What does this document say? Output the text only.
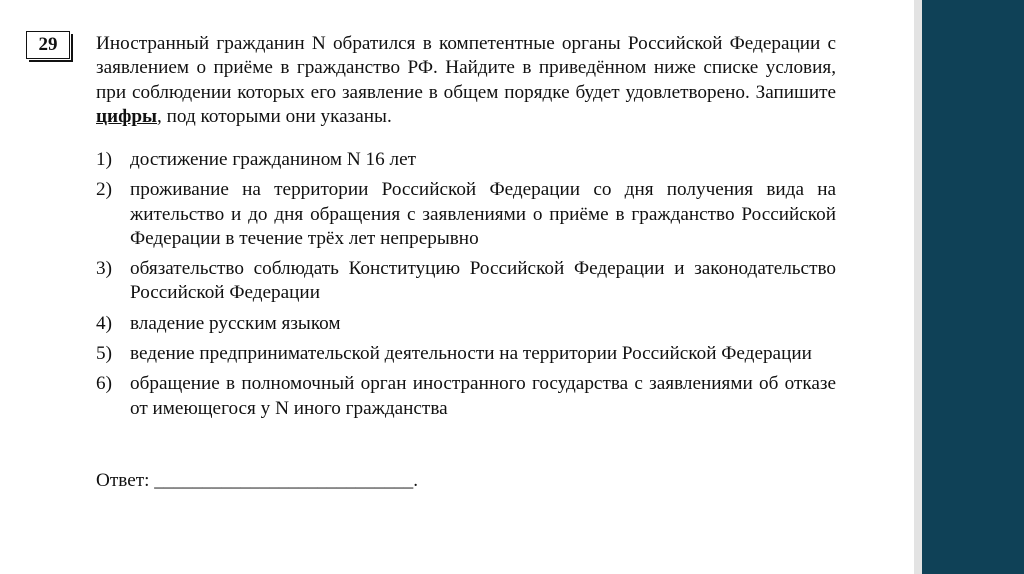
29	Иностранный гражданин N обратился в компетентные органы Российской Федерации с заявлением о приёме в гражданство РФ. Найдите в приведённом ниже списке условия, при соблюдении которых его заявление в общем порядке будет удовлетворено. Запишите цифры, под которыми они указаны.

1) достижение гражданином N 16 лет
2) проживание на территории Российской Федерации со дня получения вида на жительство и до дня обращения с заявлениями о приёме в гражданство Российской Федерации в течение трёх лет непрерывно
3) обязательство соблюдать Конституцию Российской Федерации и законодательство Российской Федерации
4) владение русским языком
5) ведение предпринимательской деятельности на территории Российской Федерации
6) обращение в полномочный орган иностранного государства с заявлениями об отказе от имеющегося у N иного гражданства

Ответ: ___________________________.
